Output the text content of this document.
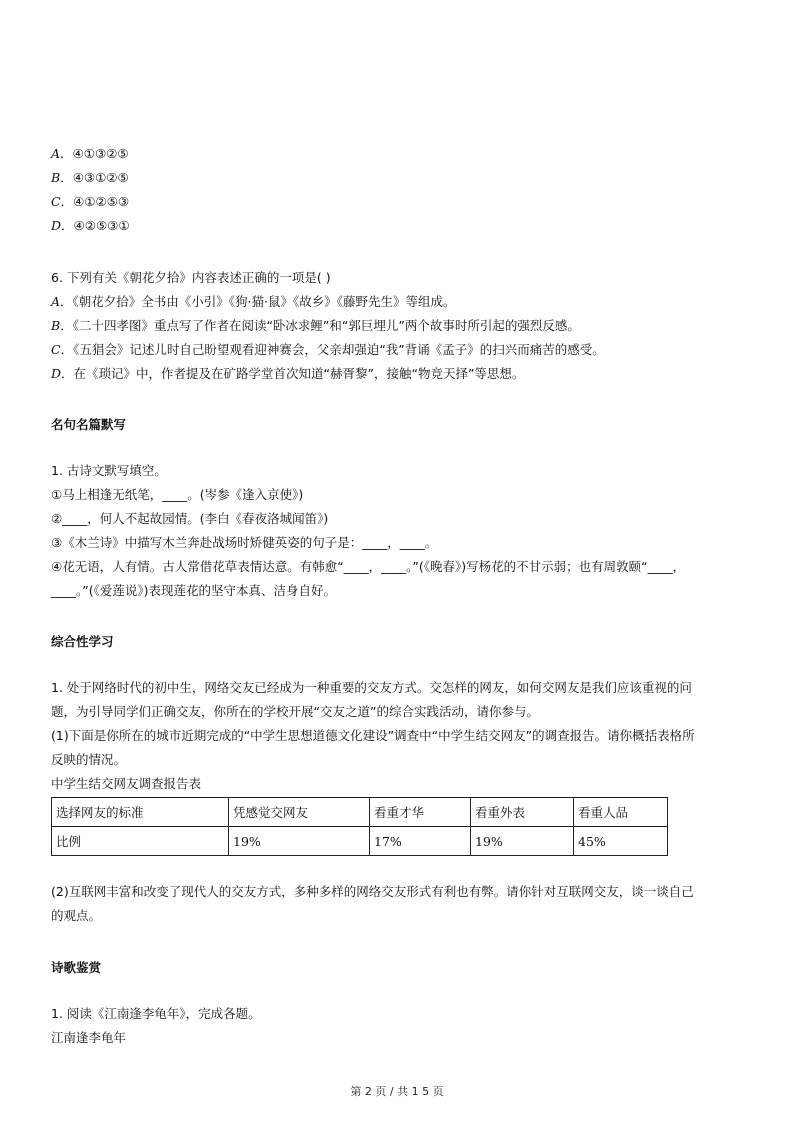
A．④①③②⑤
B．④③①②⑤
C．④①②⑤③
D．④②⑤③①
6. 下列有关《朝花夕拾》内容表述正确的一项是( )
A．《朝花夕拾》全书由《小引》《狗·猫·鼠》《故乡》《藤野先生》等组成。
B．《二十四孝图》重点写了作者在阅读“卧冰求鲤”和“郭巨埋儿”两个故事时所引起的强烈反感。
C．《五猖会》记述儿时自己盼望观看迎神赛会，父亲却强迫“我”背诵《孟子》的扫兴而痛苦的感受。
D．在《琐记》中，作者提及在矿路学堂首次知道“赫胥黎”，接触“物竞天择”等思想。
名句名篇默写
1. 古诗文默写填空。
①马上相逢无纸笔，____。(岑参《逢入京使》)
②____，何人不起故园情。(李白《春夜洛城闻笛》)
③《木兰诗》中描写木兰奔赴战场时矫健英姿的句子是：____，____。
④花无语，人有情。古人常借花草表情达意。有韩愈“____，____。”(《晚春》)写杨花的不甘示弱；也有周敦颐“____，
____。”(《爱莲说》)表现莲花的坚守本真、洁身自好。
综合性学习
1. 处于网络时代的初中生，网络交友已经成为一种重要的交友方式。交怎样的网友，如何交网友是我们应该重视的问
题，为引导同学们正确交友，你所在的学校开展“交友之道”的综合实践活动，请你参与。
(1)下面是你所在的城市近期完成的“中学生思想道德文化建设”调查中“中学生结交网友”的调查报告。请你概括表格所
反映的情况。
中学生结交网友调查报告表
选择网友的标准	凭感觉交网友	看重才华	看重外表	看重人品
比例	19%	17%	19%	45%
(2)互联网丰富和改变了现代人的交友方式，多种多样的网络交友形式有利也有弊。请你针对互联网交友，谈一谈自己
的观点。
诗歌鉴赏
1. 阅读《江南逢李龟年》，完成各题。
江南逢李龟年
第 2 页 / 共 1 5 页
